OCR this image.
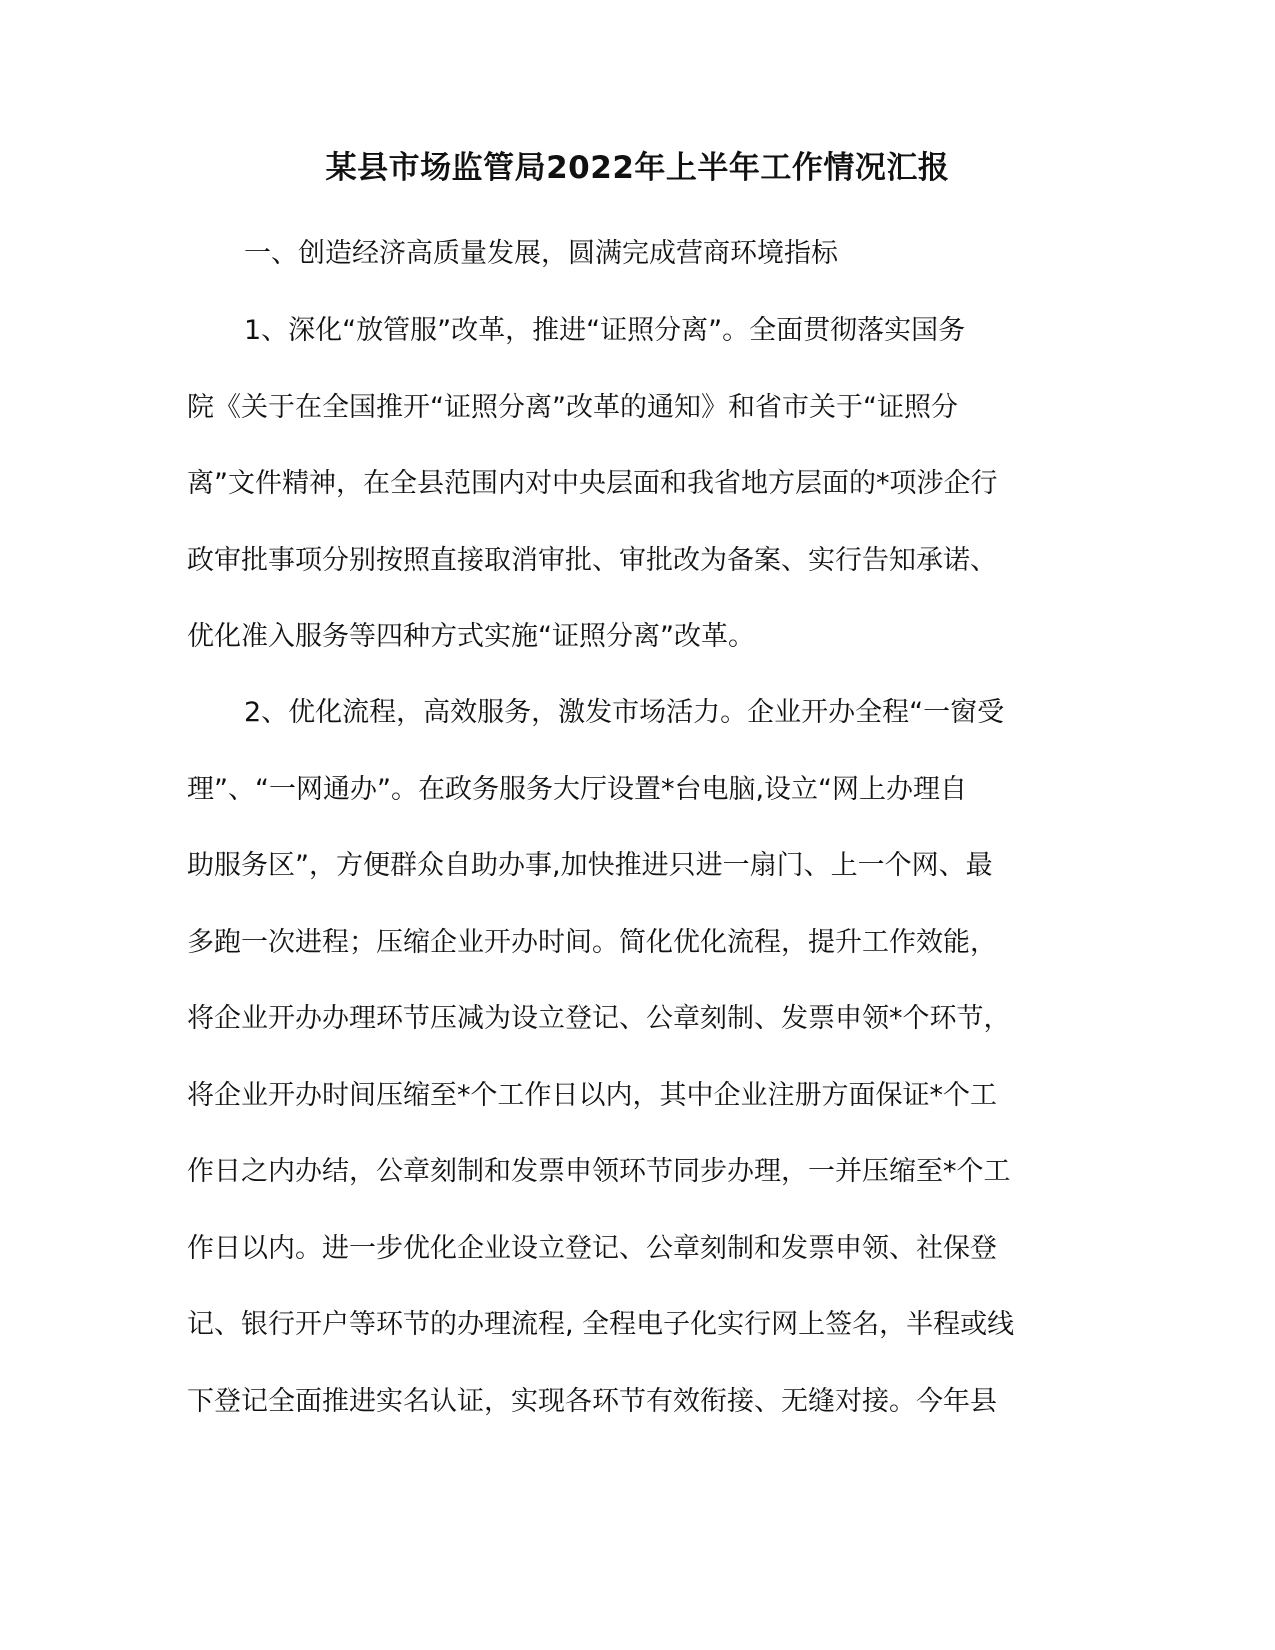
某县市场监管局2022年上半年工作情况汇报

一、创造经济高质量发展，圆满完成营商环境指标

1、深化“放管服”改革，推进“证照分离”。全面贯彻落实国务
院《关于在全国推开“证照分离”改革的通知》和省市关于“证照分
离”文件精神，在全县范围内对中央层面和我省地方层面的*项涉企行
政审批事项分别按照直接取消审批、审批改为备案、实行告知承诺、
优化准入服务等四种方式实施“证照分离”改革。
2、优化流程，高效服务，激发市场活力。企业开办全程“一窗受
理”、“一网通办”。在政务服务大厅设置*台电脑,设立“网上办理自
助服务区”，方便群众自助办事,加快推进只进一扇门、上一个网、最
多跑一次进程；压缩企业开办时间。简化优化流程，提升工作效能，
将企业开办办理环节压减为设立登记、公章刻制、发票申领*个环节，
将企业开办时间压缩至*个工作日以内，其中企业注册方面保证*个工
作日之内办结，公章刻制和发票申领环节同步办理，一并压缩至*个工
作日以内。进一步优化企业设立登记、公章刻制和发票申领、社保登
记、银行开户等环节的办理流程, 全程电子化实行网上签名，半程或线
下登记全面推进实名认证，实现各环节有效衔接、无缝对接。今年县
